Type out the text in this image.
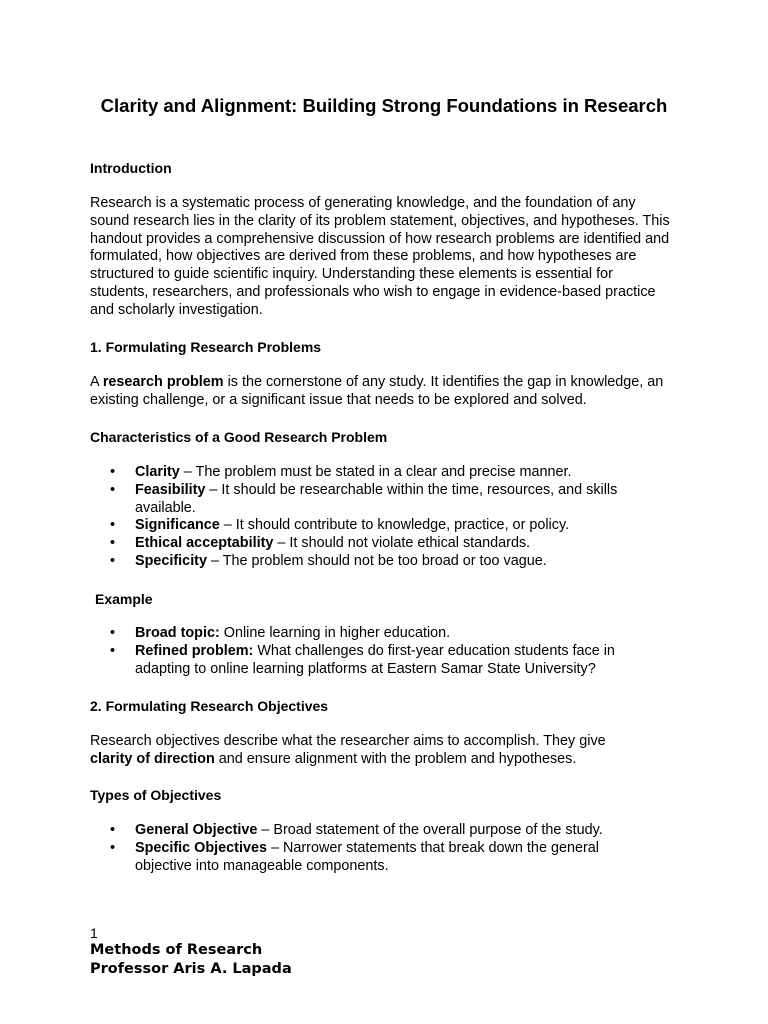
Clarity and Alignment: Building Strong Foundations in Research
Introduction
Research is a systematic process of generating knowledge, and the foundation of any sound research lies in the clarity of its problem statement, objectives, and hypotheses. This handout provides a comprehensive discussion of how research problems are identified and formulated, how objectives are derived from these problems, and how hypotheses are structured to guide scientific inquiry. Understanding these elements is essential for students, researchers, and professionals who wish to engage in evidence-based practice and scholarly investigation.
1. Formulating Research Problems
A research problem is the cornerstone of any study. It identifies the gap in knowledge, an existing challenge, or a significant issue that needs to be explored and solved.
Characteristics of a Good Research Problem
• Clarity – The problem must be stated in a clear and precise manner.
• Feasibility – It should be researchable within the time, resources, and skills available.
• Significance – It should contribute to knowledge, practice, or policy.
• Ethical acceptability – It should not violate ethical standards.
• Specificity – The problem should not be too broad or too vague.
Example
• Broad topic: Online learning in higher education.
• Refined problem: What challenges do first-year education students face in adapting to online learning platforms at Eastern Samar State University?
2. Formulating Research Objectives
Research objectives describe what the researcher aims to accomplish. They give clarity of direction and ensure alignment with the problem and hypotheses.
Types of Objectives
• General Objective – Broad statement of the overall purpose of the study.
• Specific Objectives – Narrower statements that break down the general objective into manageable components.
1
Methods of Research
Professor Aris A. Lapada
